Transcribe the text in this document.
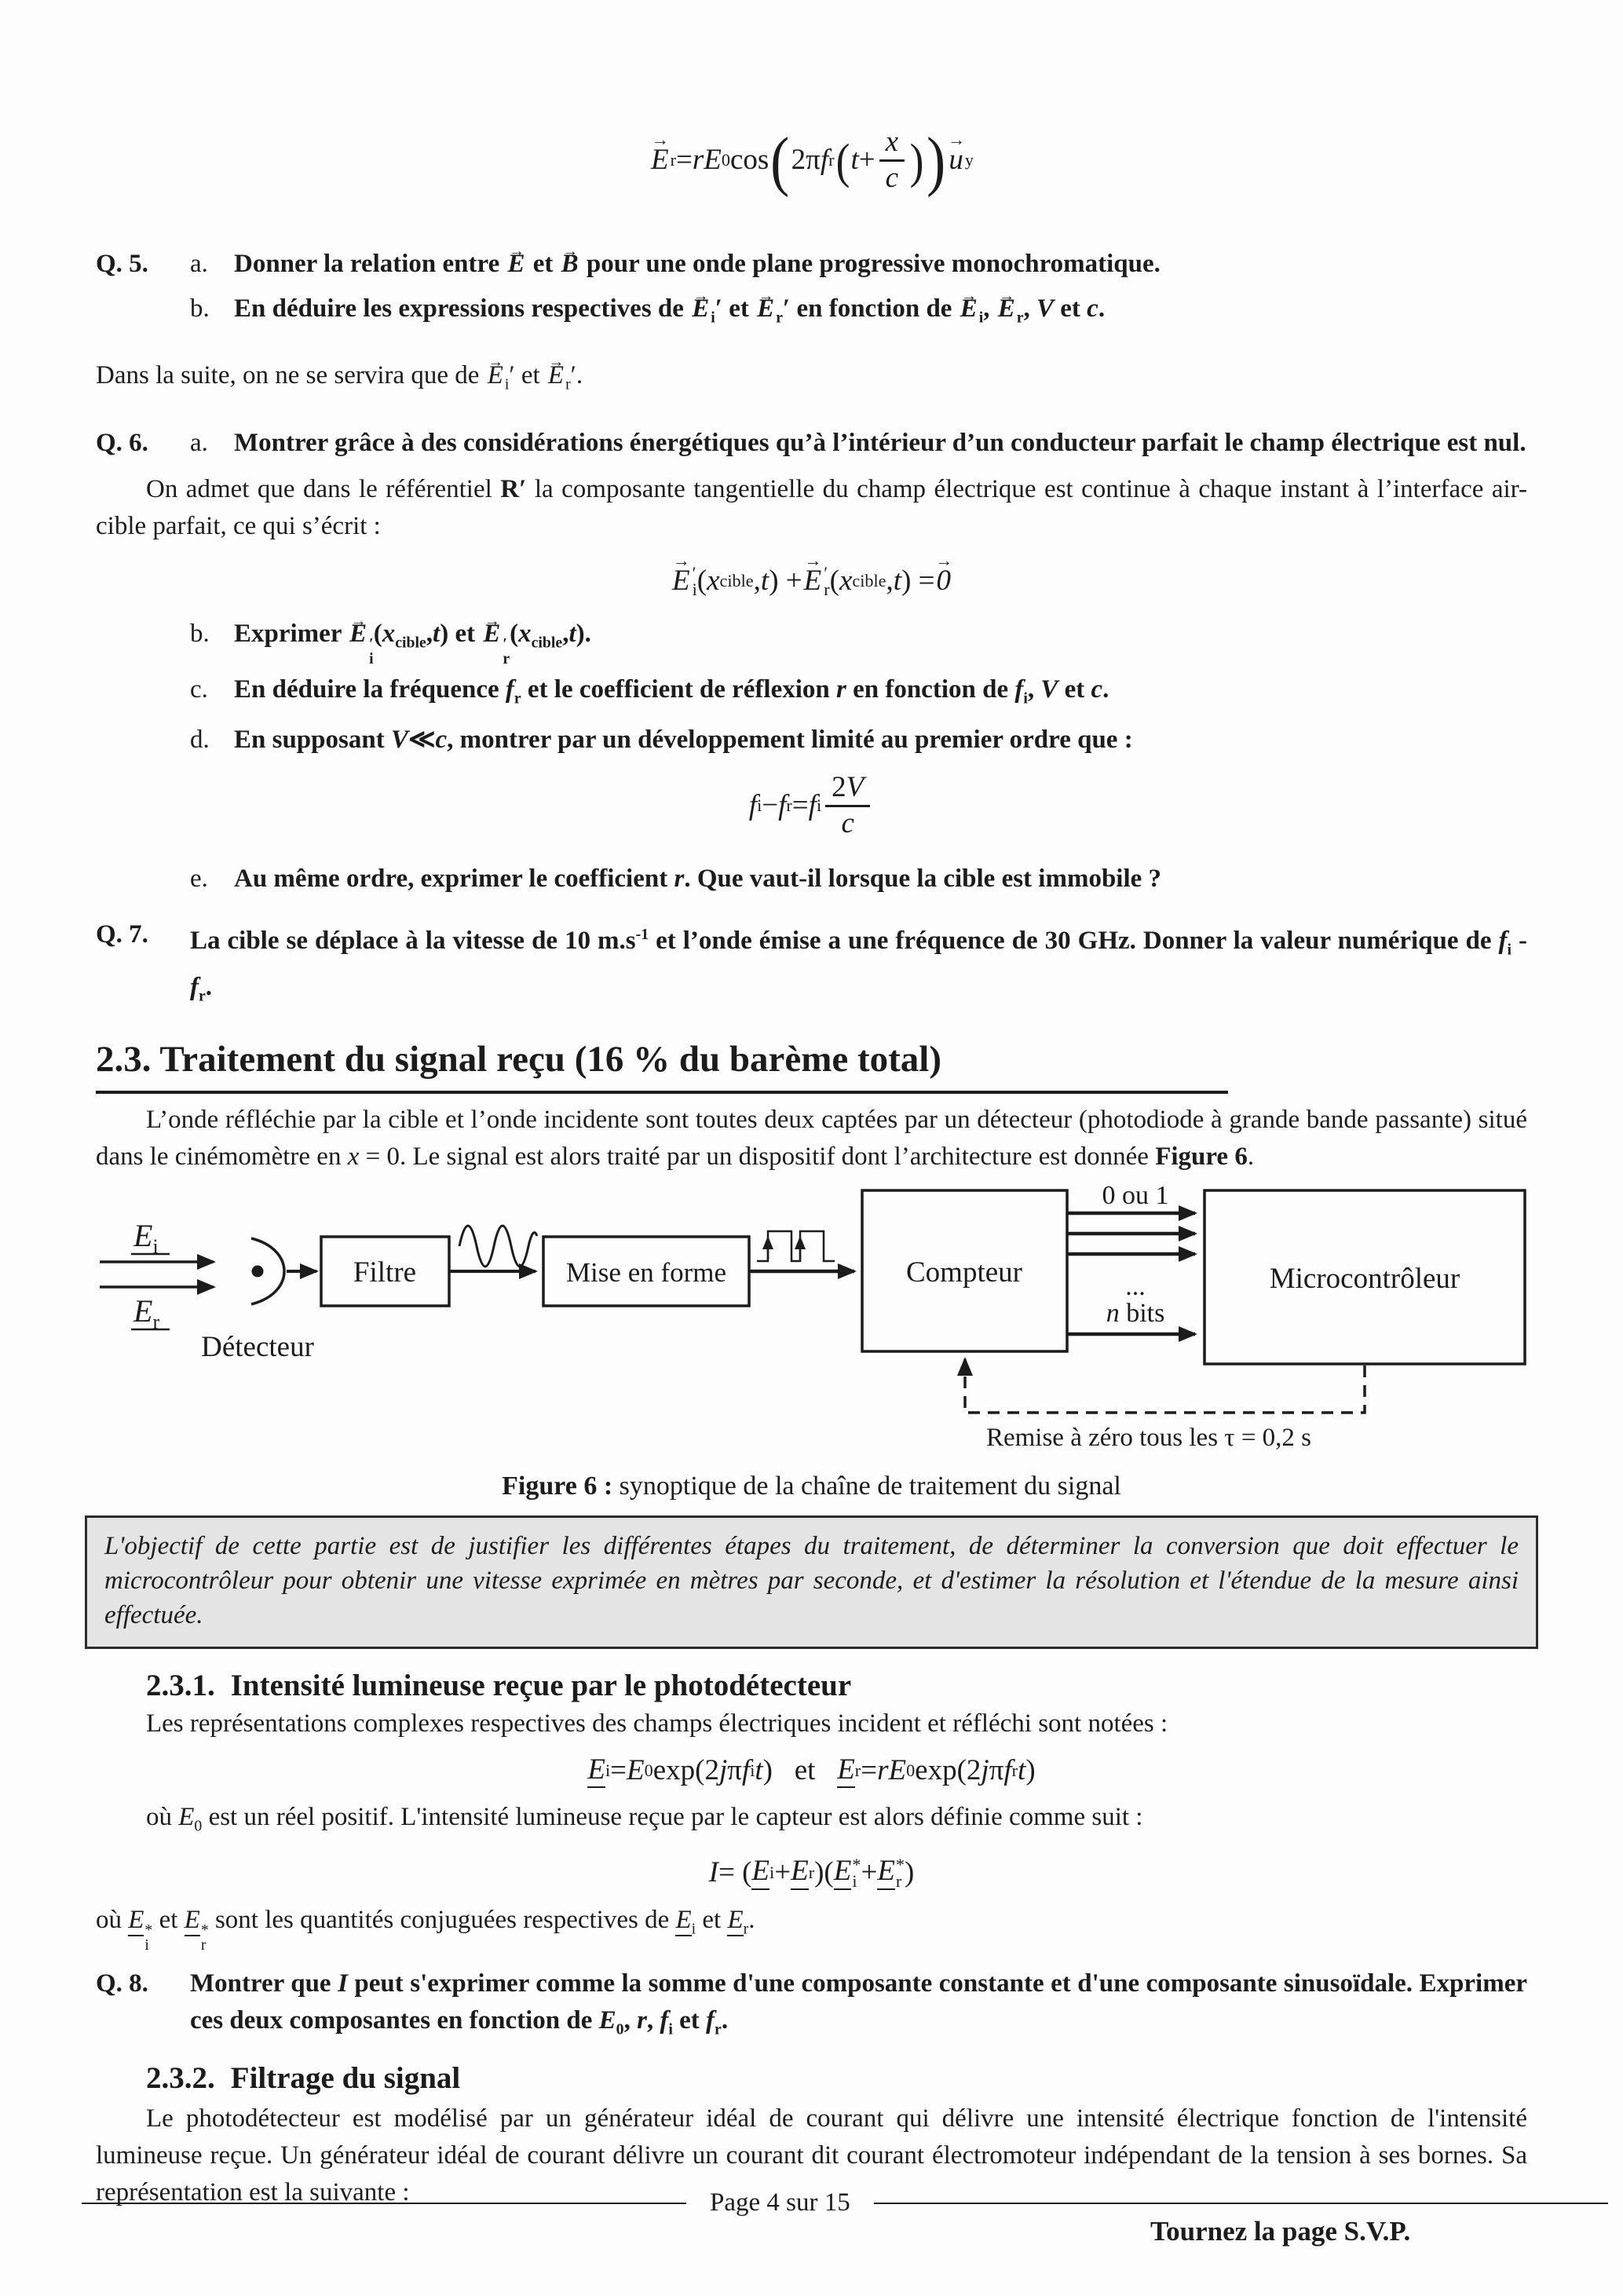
→ E r = rE 0 cos ( 2π f r ( $t + \frac{x}{c}$ ) ) → u y
Q. 5.	a.	Donner la relation entre → E et → B pour une onde plane progressive monochromatique.
b. En déduire les expressions respectives de → E $_i$′ et → E $_r$′ en fonction de → E $_i$, → E $_r$, V et c.
Dans la suite, on ne se servira que de → E $_i$′ et → E $_r$′.
Q. 6.	a.	Montrer grâce à des considérations énergétiques qu’à l’intérieur d’un conducteur parfait le champ électrique est nul.
On admet que dans le référentiel R′ la composante tangentielle du champ électrique est continue à chaque instant à l’interface air-cible parfait, ce qui s’écrit :
→ E ′
i ( x cible , t ) + → E ′
r ( x cible , t ) = → 0
b. Exprimer → E ′
i
$(x_{cible},t)$ et → E ′
r
$(x_{cible},t)$.
c.	En déduire la fréquence $f_r$ et le coefficient de réflexion r en fonction de $f_i$, V et c.
d. En supposant V≪c, montrer par un développement limité au premier ordre que :
f i − f r = f i $\frac{2V}{c}$
e.	Au même ordre, exprimer le coefficient r. Que vaut-il lorsque la cible est immobile ?
Q. 7.	La cible se déplace à la vitesse de 10 $m.s^{-1}$ et l’onde émise a une fréquence de 30 GHz. Donner la valeur numérique de $f_i - f_r$.
2.3. Traitement du signal reçu (16 % du barème total)
L’onde réfléchie par la cible et l’onde incidente sont toutes deux captées par un détecteur (photodiode à grande bande passante) situé dans le cinémomètre en x = 0. Le signal est alors traité par un dispositif dont l’architecture est donnée Figure 6.
$E_i$
$E_r$
Détecteur
Filtre	Mise en forme	Compteur
0 ou 1
...
n bits
Microcontrôleur
Remise à zéro tous les τ = 0,2 s
Figure 6 : synoptique de la chaîne de traitement du signal
L'objectif de cette partie est de justifier les différentes étapes du traitement, de déterminer la conversion que doit effectuer le microcontrôleur pour obtenir une vitesse exprimée en mètres par seconde, et d'estimer la résolution et l'étendue de la mesure ainsi effectuée.
2.3.1. Intensité lumineuse reçue par le photodétecteur
Les représentations complexes respectives des champs électriques incident et réfléchi sont notées :
E i = E 0 exp(2 j π f i t )   et E r = rE 0 exp(2 j π f r t )
où $E_0$ est un réel positif. L'intensité lumineuse reçue par le capteur est alors définie comme suit :
I = ( E i + E r )( E *
i + E *
r )
où E *
i
et E *
r
sont les quantités conjuguées respectives de $E_i$ et $E_r$.
Q. 8.	Montrer que I peut s'exprimer comme la somme d'une composante constante et d'une composante sinusoïdale. Exprimer ces deux composantes en fonction de $E_0$, r, $f_i$ et $f_r$.
2.3.2. Filtrage du signal
Le photodétecteur est modélisé par un générateur idéal de courant qui délivre une intensité électrique fonction de l'intensité lumineuse reçue. Un générateur idéal de courant délivre un courant dit courant électromoteur indépendant de la tension à ses bornes. Sa représentation est la suivante :	Page 4 sur 15
Tournez la page S.V.P.
